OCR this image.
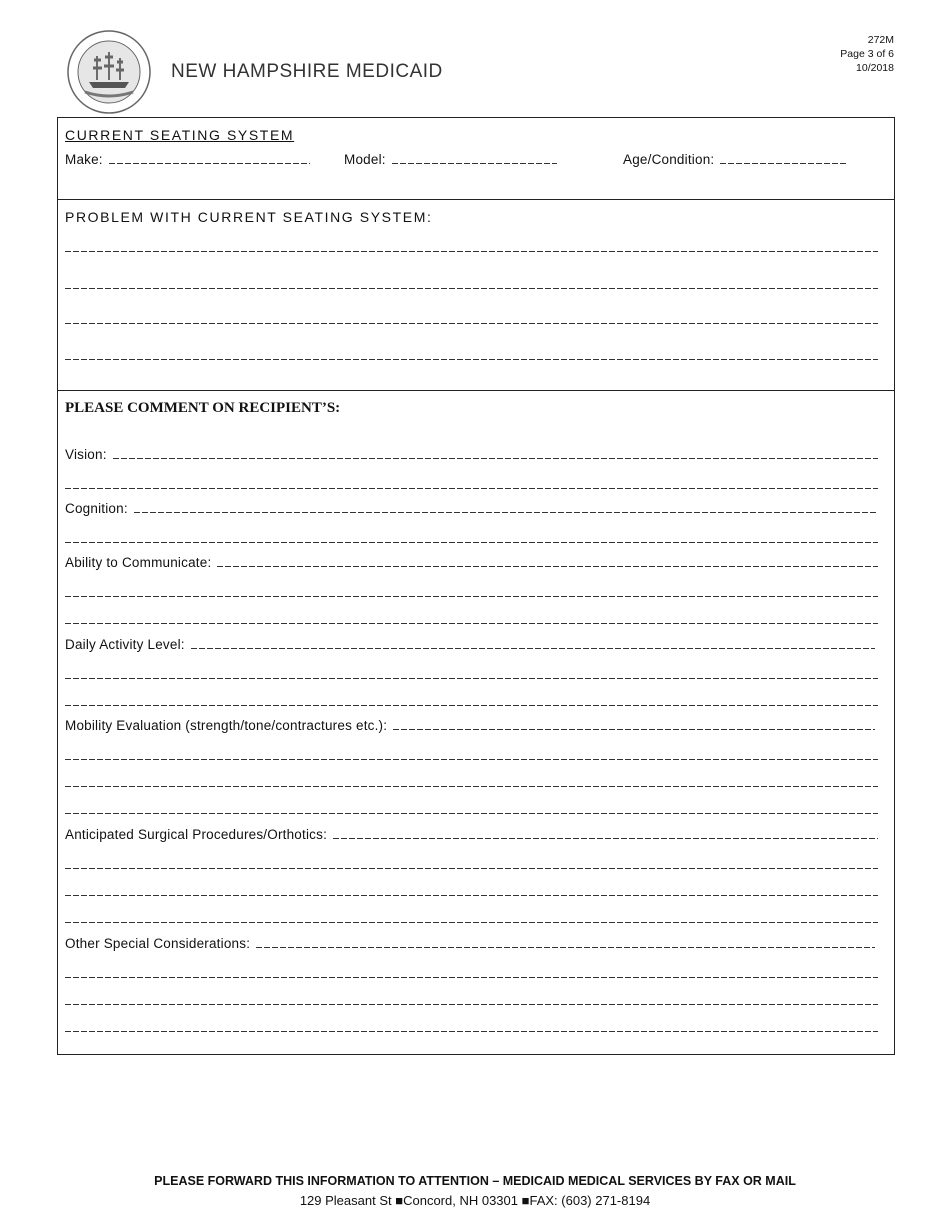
NEW HAMPSHIRE MEDICAID
272M
Page 3 of 6
10/2018
CURRENT SEATING SYSTEM
Make:	Model:	Age/Condition:
PROBLEM WITH CURRENT SEATING SYSTEM:
PLEASE COMMENT ON RECIPIENT’S:
Vision:
Cognition:
Ability to Communicate:
Daily Activity Level:
Mobility Evaluation (strength/tone/contractures etc.):
Anticipated Surgical Procedures/Orthotics:
Other Special Considerations:
PLEASE FORWARD THIS INFORMATION TO ATTENTION – MEDICAID MEDICAL SERVICES BY FAX OR MAIL
129 Pleasant St ■Concord, NH 03301 ■FAX: (603) 271-8194
